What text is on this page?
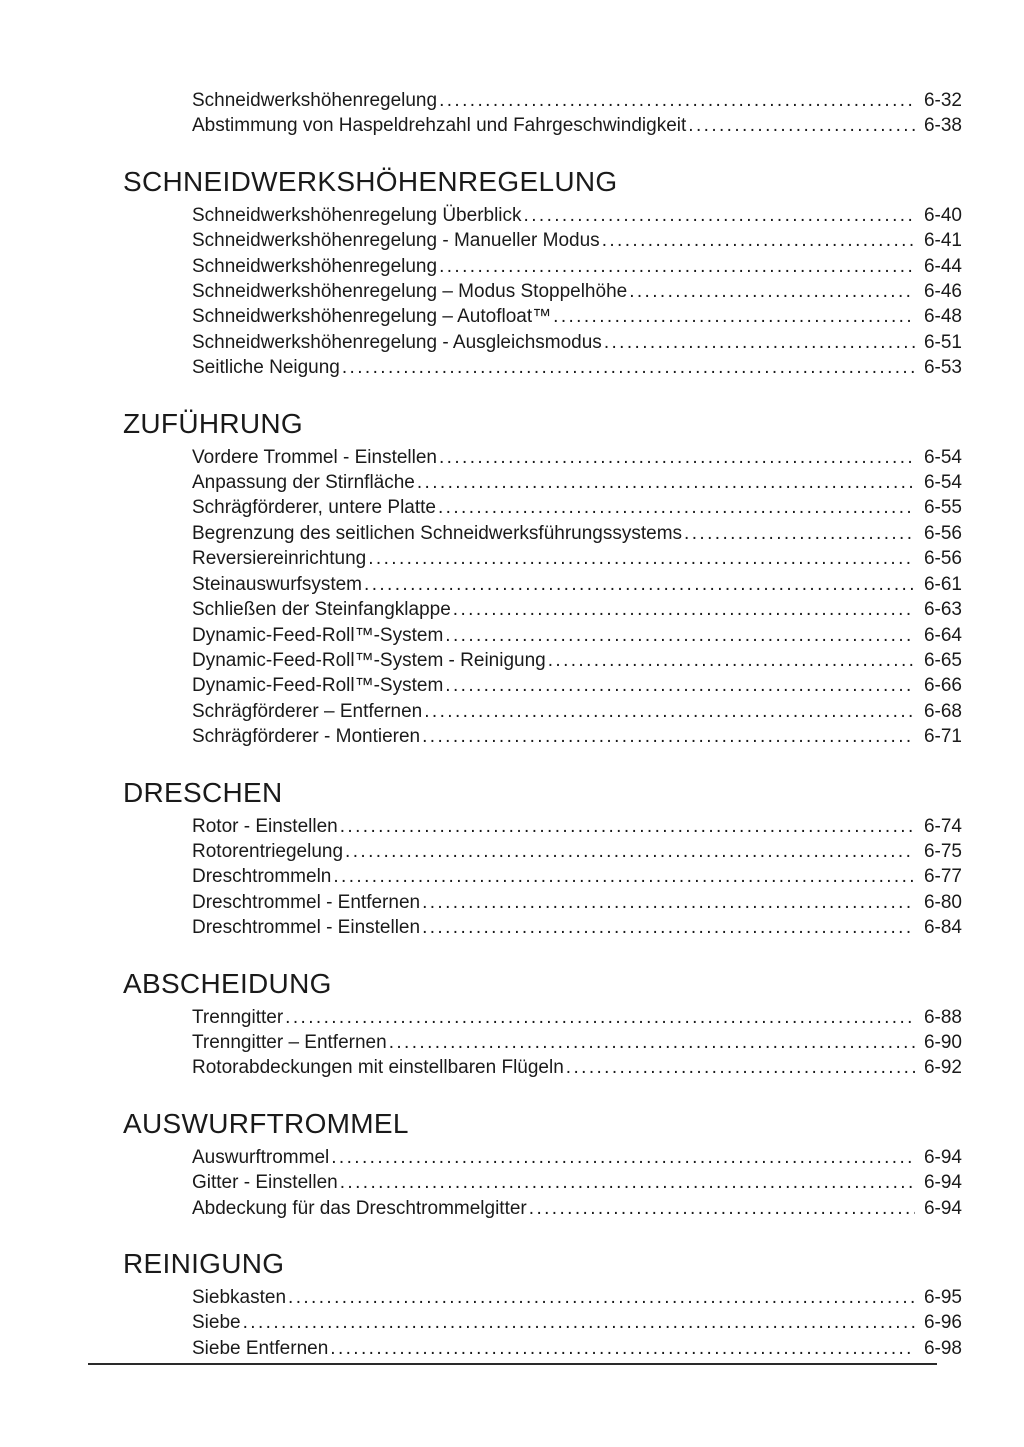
Schneidwerkshöhenregelung .....	6-32
Abstimmung von Haspeldrehzahl und Fahrgeschwindigkeit .....	6-38
SCHNEIDWERKSHÖHENREGELUNG
Schneidwerkshöhenregelung Überblick .....	6-40
Schneidwerkshöhenregelung - Manueller Modus .....	6-41
Schneidwerkshöhenregelung .....	6-44
Schneidwerkshöhenregelung – Modus Stoppelhöhe .....	6-46
Schneidwerkshöhenregelung – Autofloat™ .....	6-48
Schneidwerkshöhenregelung - Ausgleichsmodus .....	6-51
Seitliche Neigung .....	6-53
ZUFÜHRUNG
Vordere Trommel - Einstellen .....	6-54
Anpassung der Stirnfläche .....	6-54
Schrägförderer, untere Platte .....	6-55
Begrenzung des seitlichen Schneidwerksführungssystems .....	6-56
Reversiereinrichtung .....	6-56
Steinauswurfsystem .....	6-61
Schließen der Steinfangklappe .....	6-63
Dynamic-Feed-Roll™-System .....	6-64
Dynamic-Feed-Roll™-System - Reinigung .....	6-65
Dynamic-Feed-Roll™-System .....	6-66
Schrägförderer – Entfernen .....	6-68
Schrägförderer - Montieren .....	6-71
DRESCHEN
Rotor - Einstellen .....	6-74
Rotorentriegelung .....	6-75
Dreschtrommeln .....	6-77
Dreschtrommel - Entfernen .....	6-80
Dreschtrommel - Einstellen .....	6-84
ABSCHEIDUNG
Trenngitter .....	6-88
Trenngitter – Entfernen .....	6-90
Rotorabdeckungen mit einstellbaren Flügeln .....	6-92
AUSWURFTROMMEL
Auswurftrommel .....	6-94
Gitter - Einstellen .....	6-94
Abdeckung für das Dreschtrommelgitter .....	6-94
REINIGUNG
Siebkasten .....	6-95
Siebe .....	6-96
Siebe Entfernen .....	6-98
